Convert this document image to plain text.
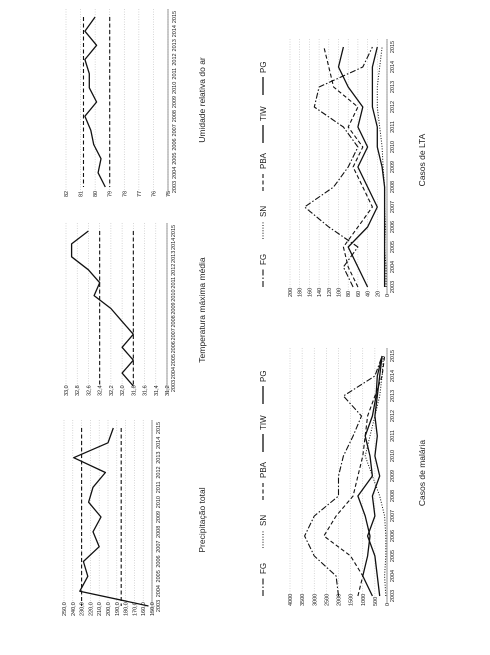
150,0
160,0
170,0
180,0
190,0
200,0
210,0
220,0
230,0
240,0
250,0	2003
2004
2005
2006
2007
2008
2009
2010
2011
2012
2013
2014
2015
Precipitação total
31,2
31,4
31,6
31,8
32,0
32,2
32,4
32,6
32,8
33,0	2003
2004
2005
2006
2007
2008
2009
2010
2011
2012
2013
2014
2015
Temperatura máxima média
75
76
77
78
79
80
81
82
2003
2004
2005
2006
2007
2008
2009
2010
2011
2012
2013
2014
2015
Umidade relativa do ar
0
500
1000
1500
2000
2500
3000
3500
4000	2003
2004
2005
2006
2007
2008
2009
2010
2011
2012
2013
2014
2015
Casos de malária
FG
SN
PBA
TIW
PG
0
20
40
60
80
100
120
140
160
180
200	2003
2004
2005
2006
2007
2008
2009
2010
2011
2012
2013
2014
2015
Casos de LTA
FG
SN
PBA
TIW
PG
